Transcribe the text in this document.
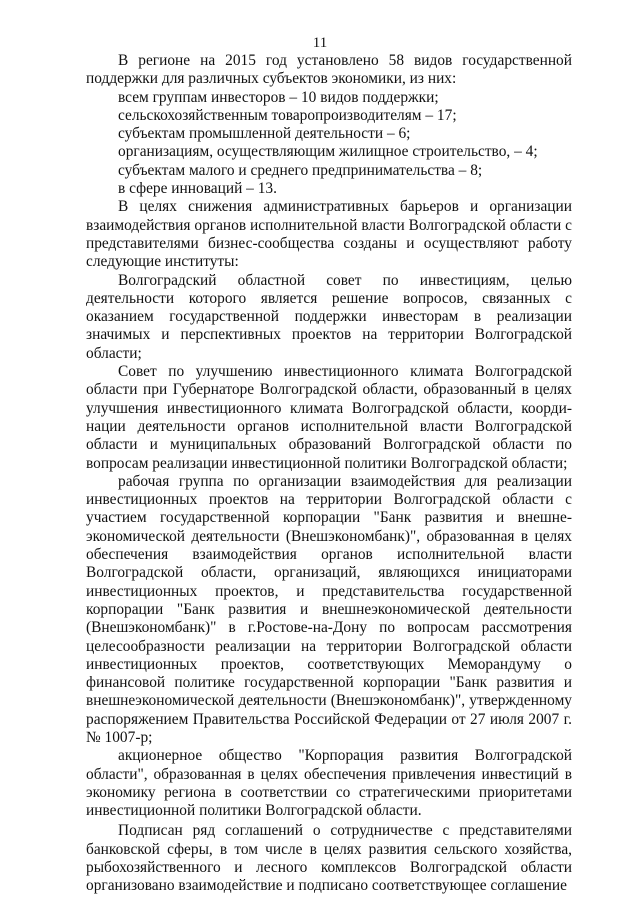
11

В регионе на 2015 год установлено 58 видов государственной поддержки для различных субъектов экономики, из них:

всем группам инвесторов – 10 видов поддержки;

сельскохозяйственным товаропроизводителям – 17;

субъектам промышленной деятельности – 6;

организациям, осуществляющим жилищное строительство, – 4;

субъектам малого и среднего предпринимательства – 8;

в сфере инноваций – 13.

В целях снижения административных барьеров и организации взаимодействия органов исполнительной власти Волгоградской области с представителями бизнес-сообщества созданы и осуществляют работу следующие институты:

Волгоградский областной совет по инвестициям, целью деятельности которого является решение вопросов, связанных с оказанием государственной поддержки инвесторам в реализации значимых и перспективных проектов на территории Волгоградской области;

Совет по улучшению инвестиционного климата Волгоградской области при Губернаторе Волгоградской области, образованный в целях улучшения инвестиционного климата Волгоградской области, координации деятельности органов исполнительной власти Волгоградской области и муниципальных образований Волгоградской области по вопросам реализации инвестиционной политики Волгоградской области;

рабочая группа по организации взаимодействия для реализации инвестиционных проектов на территории Волгоградской области с участием государственной корпорации "Банк развития и внешнеэкономической деятельности (Внешэкономбанк)", образованная в целях обеспечения взаимодействия органов исполнительной власти Волгоградской области, организаций, являющихся инициаторами инвестиционных проектов, и представительства государственной корпорации "Банк развития и внешнеэкономической деятельности (Внешэкономбанк)" в г.Ростове-на-Дону по вопросам рассмотрения целесообразности реализации на территории Волгоградской области инвестиционных проектов, соответствующих Меморандуму о финансовой политике государственной корпорации "Банк развития и внешнеэкономической деятельности (Внешэкономбанк)", утвержденному распоряжением Правительства Российской Федерации от 27 июля 2007 г. № 1007-р;

акционерное общество "Корпорация развития Волгоградской области", образованная в целях обеспечения привлечения инвестиций в экономику региона в соответствии со стратегическими приоритетами инвестиционной политики Волгоградской области.

Подписан ряд соглашений о сотрудничестве с представителями банковской сферы, в том числе в целях развития сельского хозяйства, рыбохозяйственного и лесного комплексов Волгоградской области организовано взаимодействие и подписано соответствующее соглашение
